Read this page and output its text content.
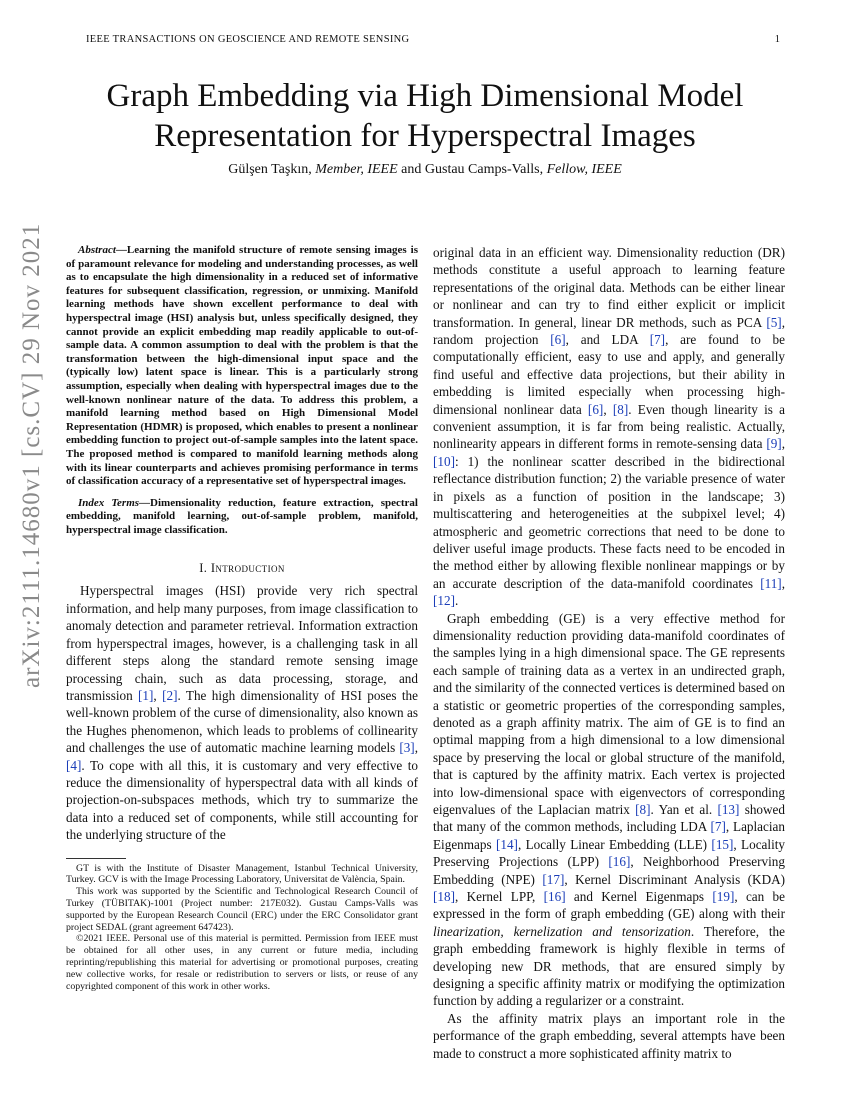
IEEE TRANSACTIONS ON GEOSCIENCE AND REMOTE SENSING	1
arXiv:2111.14680v1 [cs.CV] 29 Nov 2021
Graph Embedding via High Dimensional Model
Representation for Hyperspectral Images
Gülşen Taşkın, Member, IEEE and Gustau Camps-Valls, Fellow, IEEE

Abstract—Learning the manifold structure of remote sensing images is of paramount relevance for modeling and understanding processes, as well as to encapsulate the high dimensionality in a reduced set of informative features for subsequent classification, regression, or unmixing. Manifold learning methods have shown excellent performance to deal with hyperspectral image (HSI) analysis but, unless specifically designed, they cannot provide an explicit embedding map readily applicable to out-of-sample data. A common assumption to deal with the problem is that the transformation between the high-dimensional input space and the (typically low) latent space is linear. This is a particularly strong assumption, especially when dealing with hyperspectral images due to the well-known nonlinear nature of the data. To address this problem, a manifold learning method based on High Dimensional Model Representation (HDMR) is proposed, which enables to present a nonlinear embedding function to project out-of-sample samples into the latent space. The proposed method is compared to manifold learning methods along with its linear counterparts and achieves promising performance in terms of classification accuracy of a representative set of hyperspectral images.

Index Terms—Dimensionality reduction, feature extraction, spectral embedding, manifold learning, out-of-sample problem, manifold, hyperspectral image classification.

I. Introduction

Hyperspectral images (HSI) provide very rich spectral information, and help many purposes, from image classification to anomaly detection and parameter retrieval. Information extraction from hyperspectral images, however, is a challenging task in all different steps along the standard remote sensing image processing chain, such as data processing, storage, and transmission [1], [2]. The high dimensionality of HSI poses the well-known problem of the curse of dimensionality, also known as the Hughes phenomenon, which leads to problems of collinearity and challenges the use of automatic machine learning models [3], [4]. To cope with all this, it is customary and very effective to reduce the dimensionality of hyperspectral data with all kinds of projection-on-subspaces methods, which try to summarize the data into a reduced set of components, while still accounting for the underlying structure of the

GT is with the Institute of Disaster Management, Istanbul Technical University, Turkey. GCV is with the Image Processing Laboratory, Universitat de València, Spain.

This work was supported by the Scientific and Technological Research Council of Turkey (TÜBITAK)-1001 (Project number: 217E032). Gustau Camps-Valls was supported by the European Research Council (ERC) under the ERC Consolidator grant project SEDAL (grant agreement 647423).

©2021 IEEE. Personal use of this material is permitted. Permission from IEEE must be obtained for all other uses, in any current or future media, including reprinting/republishing this material for advertising or promotional purposes, creating new collective works, for resale or redistribution to servers or lists, or reuse of any copyrighted component of this work in other works.

original data in an efficient way. Dimensionality reduction (DR) methods constitute a useful approach to learning feature representations of the original data. Methods can be either linear or nonlinear and can try to find either explicit or implicit transformation. In general, linear DR methods, such as PCA [5], random projection [6], and LDA [7], are found to be computationally efficient, easy to use and apply, and generally find useful and effective data projections, but their ability in embedding is limited especially when processing high-dimensional nonlinear data [6], [8]. Even though linearity is a convenient assumption, it is far from being realistic. Actually, nonlinearity appears in different forms in remote-sensing data [9], [10]: 1) the nonlinear scatter described in the bidirectional reflectance distribution function; 2) the variable presence of water in pixels as a function of position in the landscape; 3) multiscattering and heterogeneities at the subpixel level; 4) atmospheric and geometric corrections that need to be done to deliver useful image products. These facts need to be encoded in the method either by allowing flexible nonlinear mappings or by an accurate description of the data-manifold coordinates [11], [12].

Graph embedding (GE) is a very effective method for dimensionality reduction providing data-manifold coordinates of the samples lying in a high dimensional space. The GE represents each sample of training data as a vertex in an undirected graph, and the similarity of the connected vertices is determined based on a statistic or geometric properties of the corresponding samples, denoted as a graph affinity matrix. The aim of GE is to find an optimal mapping from a high dimensional to a low dimensional space by preserving the local or global structure of the manifold, that is captured by the affinity matrix. Each vertex is projected into low-dimensional space with eigenvectors of corresponding eigenvalues of the Laplacian matrix [8]. Yan et al. [13] showed that many of the common methods, including LDA [7], Laplacian Eigenmaps [14], Locally Linear Embedding (LLE) [15], Locality Preserving Projections (LPP) [16], Neighborhood Preserving Embedding (NPE) [17], Kernel Discriminant Analysis (KDA) [18], Kernel LPP, [16] and Kernel Eigenmaps [19], can be expressed in the form of graph embedding (GE) along with their linearization, kernelization and tensorization. Therefore, the graph embedding framework is highly flexible in terms of developing new DR methods, that are ensured simply by designing a specific affinity matrix or modifying the optimization function by adding a regularizer or a constraint.

As the affinity matrix plays an important role in the performance of the graph embedding, several attempts have been made to construct a more sophisticated affinity matrix to
